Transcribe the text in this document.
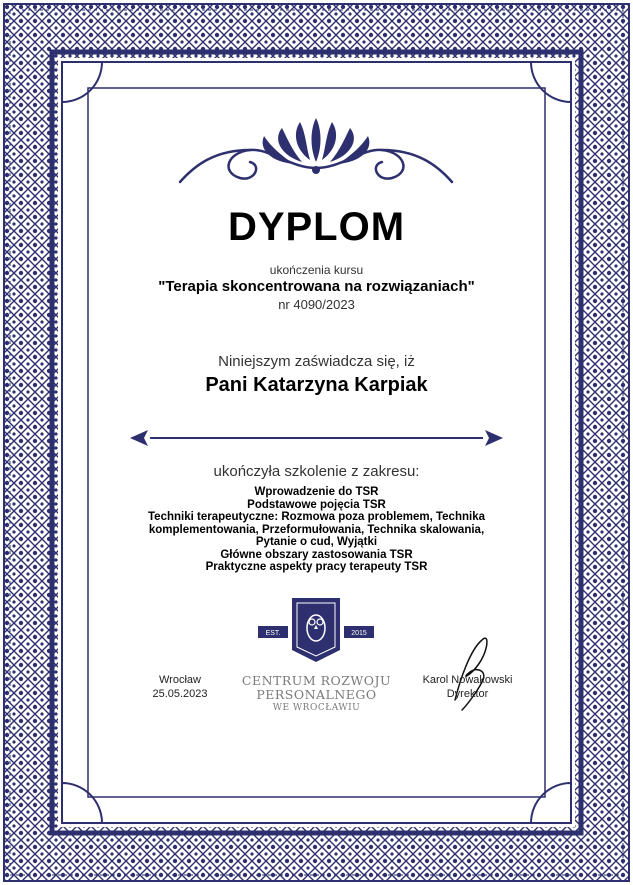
DYPLOM
ukończenia kursu
"Terapia skoncentrowana na rozwiązaniach"
nr 4090/2023
Niniejszym zaświadcza się, iż
Pani Katarzyna Karpiak
ukończyła szkolenie z zakresu:
Wprowadzenie do TSR
Podstawowe pojęcia TSR
Techniki terapeutyczne: Rozmowa poza problemem, Technika
komplementowania, Przeformułowania, Technika skalowania,
Pytanie o cud, Wyjątki
Główne obszary zastosowania TSR
Praktyczne aspekty pracy terapeuty TSR
EST.	2015
CENTRUM ROZWOJU
PERSONALNEGO
WE WROCŁAWIU
Wrocław
25.05.2023
Karol Nowakowski
Dyrektor
